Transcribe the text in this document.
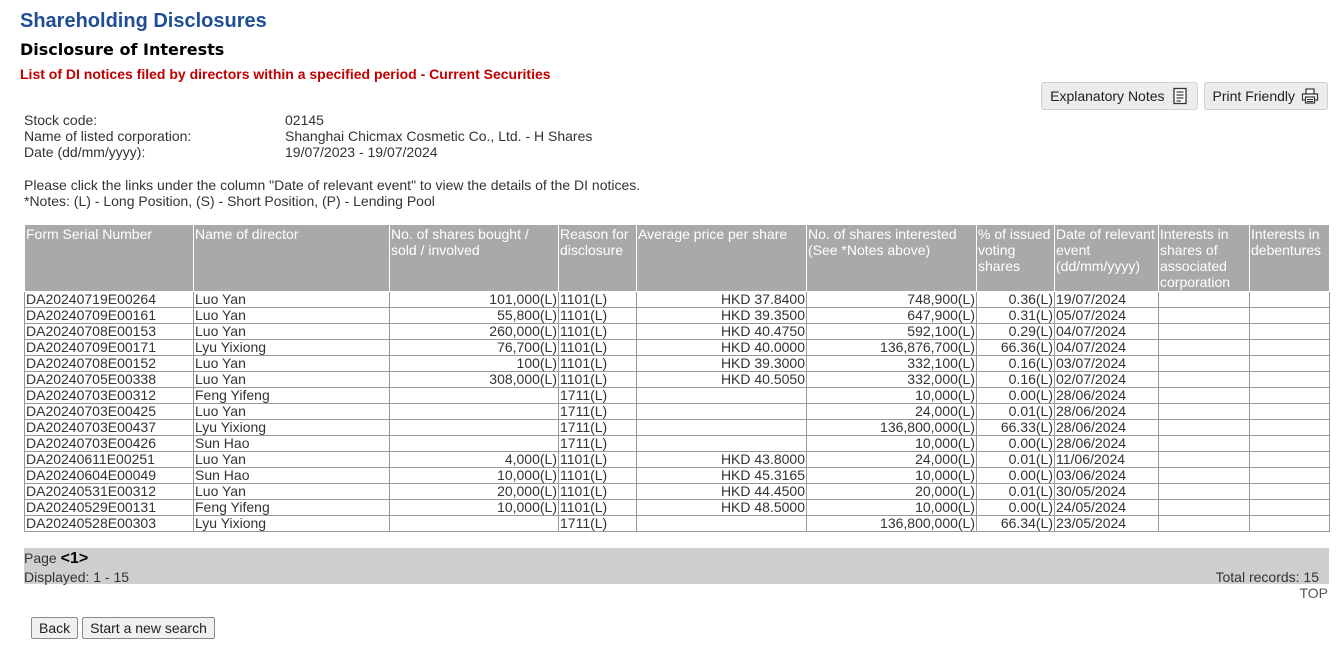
Shareholding Disclosures
Disclosure of Interests
List of DI notices filed by directors within a specified period - Current Securities
Explanatory Notes	Print Friendly
Stock code:	02145
Name of listed corporation:	Shanghai Chicmax Cosmetic Co., Ltd. - H Shares
Date (dd/mm/yyyy):	19/07/2023 - 19/07/2024
Please click the links under the column "Date of relevant event" to view the details of the DI notices.
*Notes: (L) - Long Position, (S) - Short Position, (P) - Lending Pool
Form Serial Number	Name of director	No. of shares bought / sold / involved	Reason for disclosure	Average price per share	No. of shares interested (See *Notes above)	% of issued voting shares	Date of relevant event (dd/mm/yyyy)	Interests in shares of associated corporation	Interests in debentures
DA20240719E00264	Luo Yan	101,000(L)	1101(L)	HKD 37.8400	748,900(L)	0.36(L)	19/07/2024		
DA20240709E00161	Luo Yan	55,800(L)	1101(L)	HKD 39.3500	647,900(L)	0.31(L)	05/07/2024		
DA20240708E00153	Luo Yan	260,000(L)	1101(L)	HKD 40.4750	592,100(L)	0.29(L)	04/07/2024		
DA20240709E00171	Lyu Yixiong	76,700(L)	1101(L)	HKD 40.0000	136,876,700(L)	66.36(L)	04/07/2024		
DA20240708E00152	Luo Yan	100(L)	1101(L)	HKD 39.3000	332,100(L)	0.16(L)	03/07/2024		
DA20240705E00338	Luo Yan	308,000(L)	1101(L)	HKD 40.5050	332,000(L)	0.16(L)	02/07/2024		
DA20240703E00312	Feng Yifeng		1711(L)		10,000(L)	0.00(L)	28/06/2024		
DA20240703E00425	Luo Yan		1711(L)		24,000(L)	0.01(L)	28/06/2024		
DA20240703E00437	Lyu Yixiong		1711(L)		136,800,000(L)	66.33(L)	28/06/2024		
DA20240703E00426	Sun Hao		1711(L)		10,000(L)	0.00(L)	28/06/2024		
DA20240611E00251	Luo Yan	4,000(L)	1101(L)	HKD 43.8000	24,000(L)	0.01(L)	11/06/2024		
DA20240604E00049	Sun Hao	10,000(L)	1101(L)	HKD 45.3165	10,000(L)	0.00(L)	03/06/2024		
DA20240531E00312	Luo Yan	20,000(L)	1101(L)	HKD 44.4500	20,000(L)	0.01(L)	30/05/2024		
DA20240529E00131	Feng Yifeng	10,000(L)	1101(L)	HKD 48.5000	10,000(L)	0.00(L)	24/05/2024		
DA20240528E00303	Lyu Yixiong		1711(L)		136,800,000(L)	66.34(L)	23/05/2024		
Page <1>
Displayed: 1 - 15	Total records: 15
TOP
Back	Start a new search
